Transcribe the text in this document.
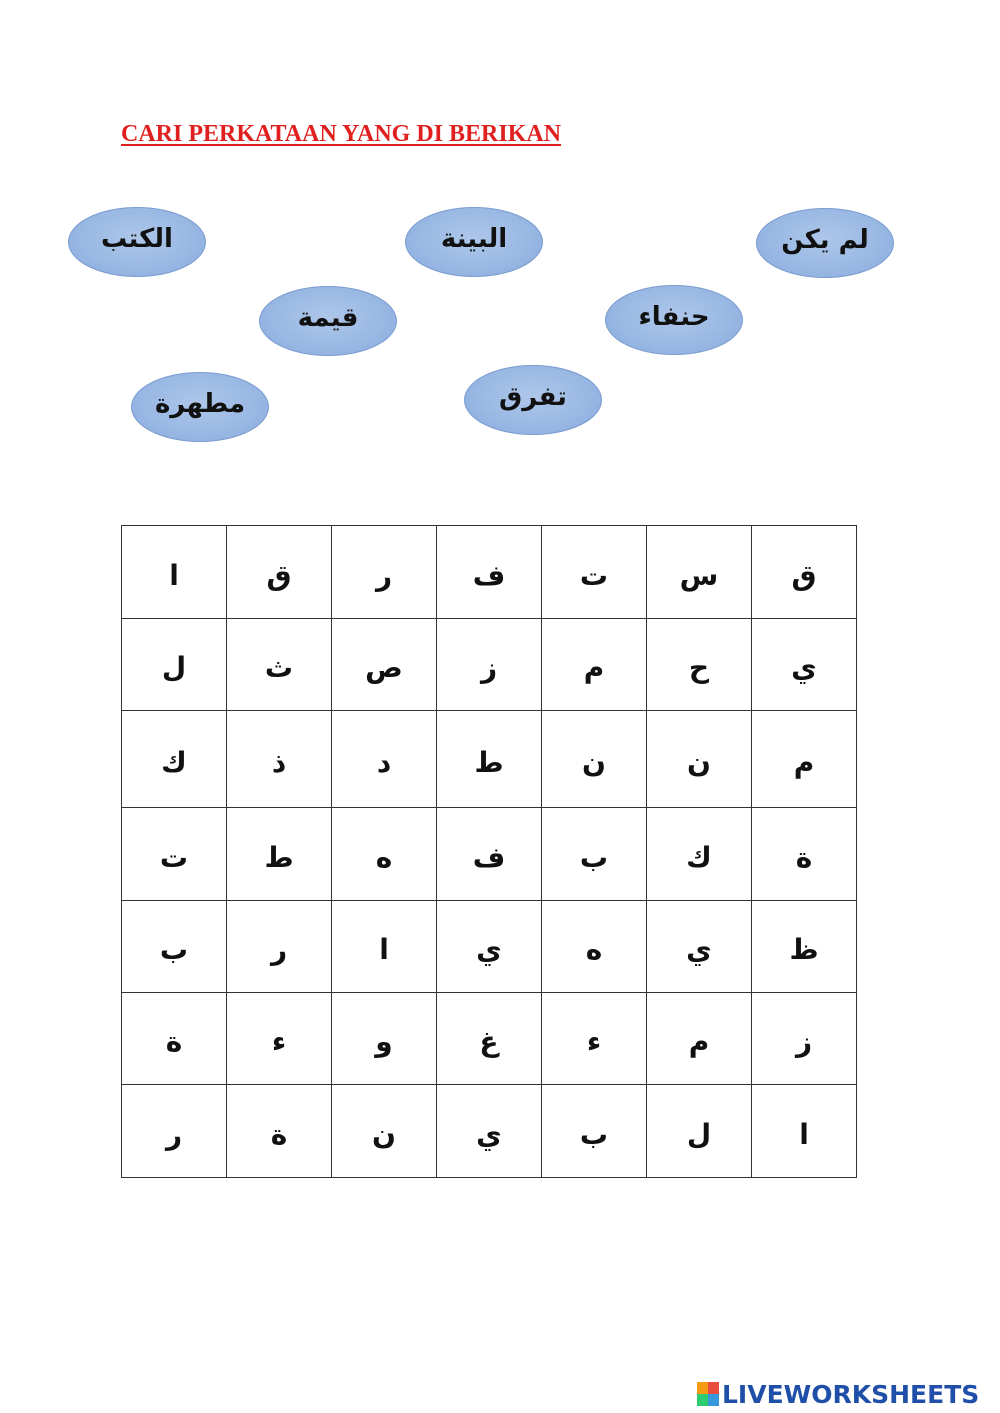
CARI PERKATAAN YANG DI BERIKAN
الكتب	البينة	لم يكن
قيمة	حنفاء
مطهرة	تفرق
ا	ق	ر	ف	ت	س	ق
ل	ث	ص	ز	م	ح	ي
ك	ذ	د	ط	ن	ن	م
ت	ط	ه	ف	ب	ك	ة
ب	ر	ا	ي	ه	ي	ظ
ة	ء	و	غ	ء	م	ز
ر	ة	ن	ي	ب	ل	ا
LIVEWORKSHEETS
